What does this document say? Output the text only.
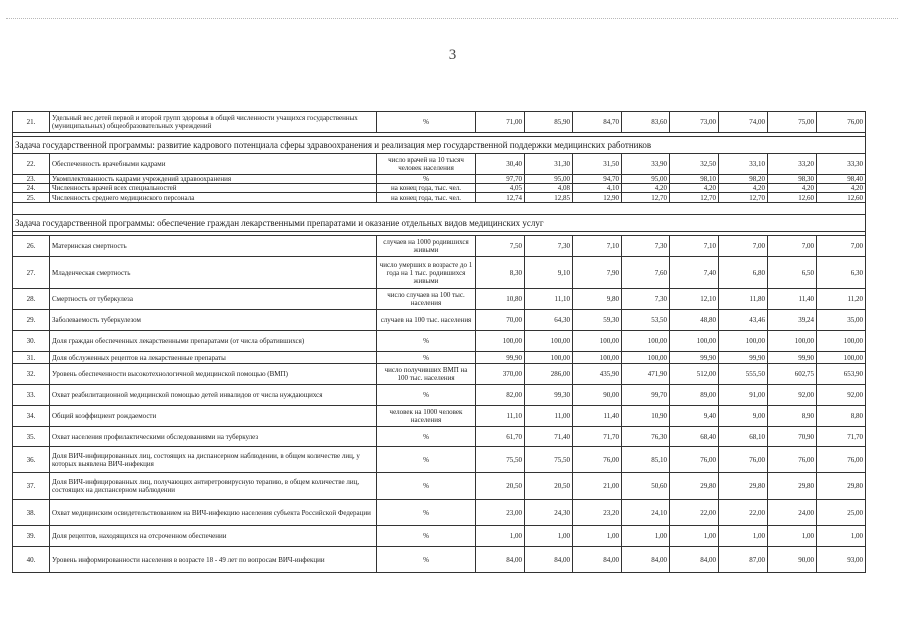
3
21.	Удельный вес детей первой и второй групп здоровья в общей численности учащихся государственных (муниципальных) общеобразовательных учреждений	%	71,00	85,90	84,70	83,60	73,00	74,00	75,00	76,00

Задача государственной программы: развитие кадрового потенциала сферы здравоохранения и реализация мер государственной поддержки медицинских работников										
22.	Обеспеченность врачебными кадрами	число врачей на 10 тысяч человек населения	30,40	31,30	31,50	33,90	32,50	33,10	33,20	33,30
23.	Укомплектованность кадрами учреждений здравоохранения	%	97,70	95,00	94,70	95,00	98,10	98,20	98,30	98,40
24.	Численность врачей всех специальностей	на конец года, тыс. чел.	4,05	4,08	4,10	4,20	4,20	4,20	4,20	4,20
25.	Численность среднего медицинского персонала	на конец года, тыс. чел.	12,74	12,85	12,90	12,70	12,70	12,70	12,60	12,60

Задача государственной программы: обеспечение граждан лекарственными препаратами и оказание отдельных видов медицинских услуг										

26.	Материнская смертность	случаев на 1000 родившихся живыми	7,50	7,30	7,10	7,30	7,10	7,00	7,00	7,00
27.	Младенческая смертность	число умерших в возрасте до 1 года на 1 тыс. родившихся живыми	8,30	9,10	7,90	7,60	7,40	6,80	6,50	6,30
28.	Смертность от туберкулеза	число случаев на 100 тыс. населения	10,80	11,10	9,80	7,30	12,10	11,80	11,40	11,20
29.	Заболеваемость туберкулезом	случаев на 100 тыс. населения	70,00	64,30	59,30	53,50	48,80	43,46	39,24	35,00
30.	Доля граждан обеспеченных лекарственными препаратами (от числа обратившихся)	%	100,00	100,00	100,00	100,00	100,00	100,00	100,00	100,00
31.	Доля обслуженных рецептов на лекарственные препараты	%	99,90	100,00	100,00	100,00	99,90	99,90	99,90	100,00
32.	Уровень обеспеченности высокотехнологичной медицинской помощью (ВМП)	число получивших ВМП на 100 тыс. населения	370,00	286,00	435,90	471,90	512,00	555,50	602,75	653,90
33.	Охват реабилитационной медицинской помощью детей инвалидов от числа нуждающихся	%	82,00	99,30	90,00	99,70	89,00	91,00	92,00	92,00
34.	Общий коэффициент рождаемости	человек на 1000 человек населения	11,10	11,00	11,40	10,90	9,40	9,00	8,90	8,80
35.	Охват населения профилактическими обследованиями на туберкулез	%	61,70	71,40	71,70	76,30	68,40	68,10	70,90	71,70
36.	Доля ВИЧ-инфицированных лиц, состоящих на диспансерном наблюдении, в общем количестве лиц, у которых выявлена ВИЧ-инфекция	%	75,50	75,50	76,00	85,10	76,00	76,00	76,00	76,00
37.	Доля ВИЧ-инфицированных лиц, получающих антиретровирусную терапию, в общем количестве лиц, состоящих на диспансерном наблюдении	%	20,50	20,50	21,00	50,60	29,80	29,80	29,80	29,80
38.	Охват медицинским освидетельствованием на ВИЧ-инфекцию населения субъекта Российской Федерации	%	23,00	24,30	23,20	24,10	22,00	22,00	24,00	25,00
39.	Доля рецептов, находящихся на отсроченном обеспечении	%	1,00	1,00	1,00	1,00	1,00	1,00	1,00	1,00
40.	Уровень информированности населения в возрасте 18 - 49 лет по вопросам ВИЧ-инфекции	%	84,00	84,00	84,00	84,00	84,00	87,00	90,00	93,00
